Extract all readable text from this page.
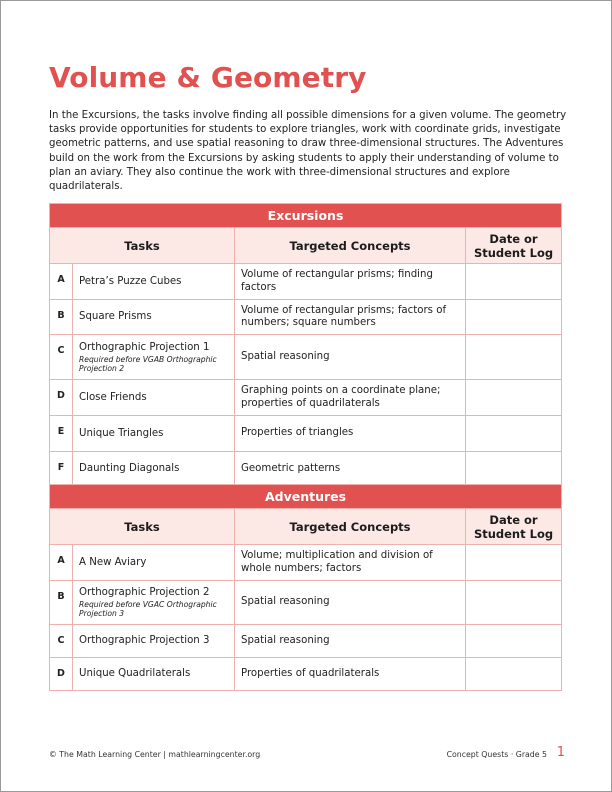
Volume & Geometry

In the Excursions, the tasks involve finding all possible dimensions for a given volume. The geometry tasks provide opportunities for students to explore triangles, work with coordinate grids, investigate geometric patterns, and use spatial reasoning to draw three-dimensional structures. The Adventures build on the work from the Excursions by asking students to apply their understanding of volume to plan an aviary. They also continue the work with three-dimensional structures and explore quadrilaterals.

Excursions			
Tasks		Targeted Concepts	Date or Student Log
A	Petra’s Puzze Cubes	Volume of rectangular prisms; finding factors	
B	Square Prisms	Volume of rectangular prisms; factors of numbers; square numbers	
C	Orthographic Projection 1
Required before VGAB Orthographic Projection 2	Spatial reasoning	
D	Close Friends	Graphing points on a coordinate plane; properties of quadrilaterals	
E	Unique Triangles	Properties of triangles	
F	Daunting Diagonals	Geometric patterns	
Adventures			
Tasks		Targeted Concepts	Date or Student Log
A	A New Aviary	Volume; multiplication and division of whole numbers; factors	
B	Orthographic Projection 2
Required before VGAC Orthographic Projection 3	Spatial reasoning	
C	Orthographic Projection 3	Spatial reasoning	
D	Unique Quadrilaterals	Properties of quadrilaterals	
© The Math Learning Center | mathlearningcenter.org	Concept Quests · Grade 5 1
